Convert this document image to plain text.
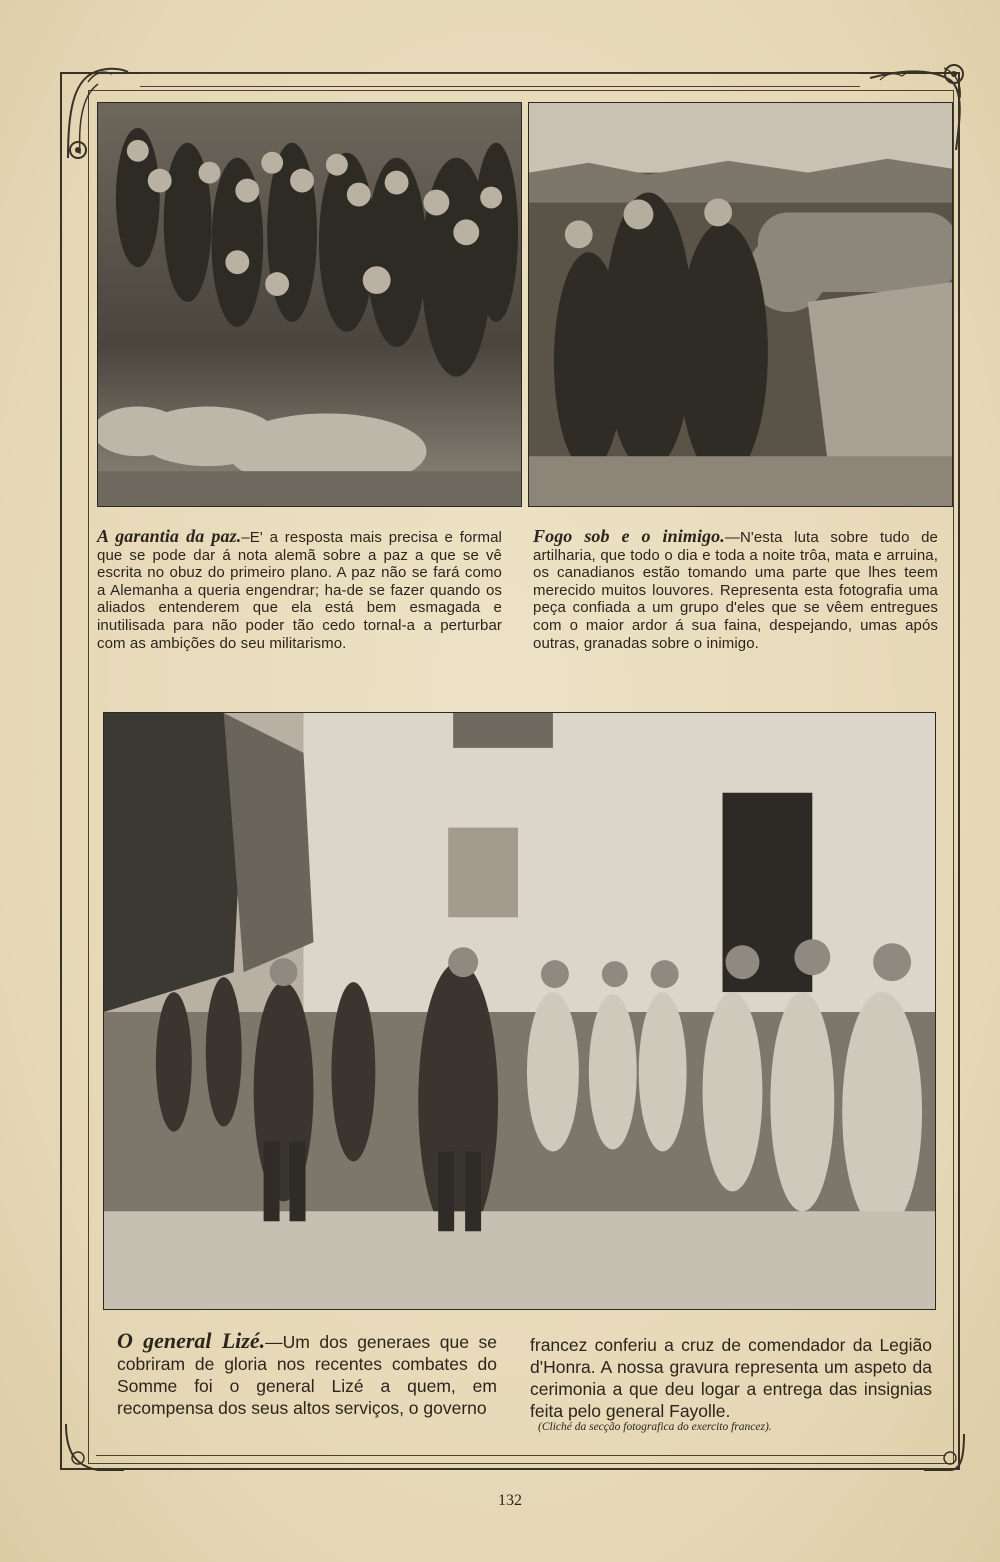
A garantia da paz.–E' a resposta mais precisa e formal que se pode dar á nota alemã sobre a paz a que se vê escrita no obuz do primeiro plano. A paz não se fará como a Alemanha a queria engendrar; ha-de se fazer quando os aliados entenderem que ela está bem esmagada e inutilisada para não poder tão cedo tornal-a a perturbar com as ambições do seu militarismo.
Fogo sob e o inimigo.—N'esta luta sobre tudo de artilharia, que todo o dia e toda a noite trôa, mata e arruina, os canadianos estão tomando uma parte que lhes teem merecido muitos louvores. Representa esta fotografia uma peça confiada a um grupo d'eles que se vêem entregues com o maior ardor á sua faina, despejando, umas após outras, granadas sobre o inimigo.
O general Lizé.—Um dos generaes que se cobriram de gloria nos recentes combates do Somme foi o general Lizé a quem, em recompensa dos seus altos serviços, o governo
francez conferiu a cruz de comendador da Legião d'Honra. A nossa gravura representa um aspeto da cerimonia a que deu logar a entrega das insignias feita pelo general Fayolle.
(Cliché da secção fotografica do exercito francez).
132
